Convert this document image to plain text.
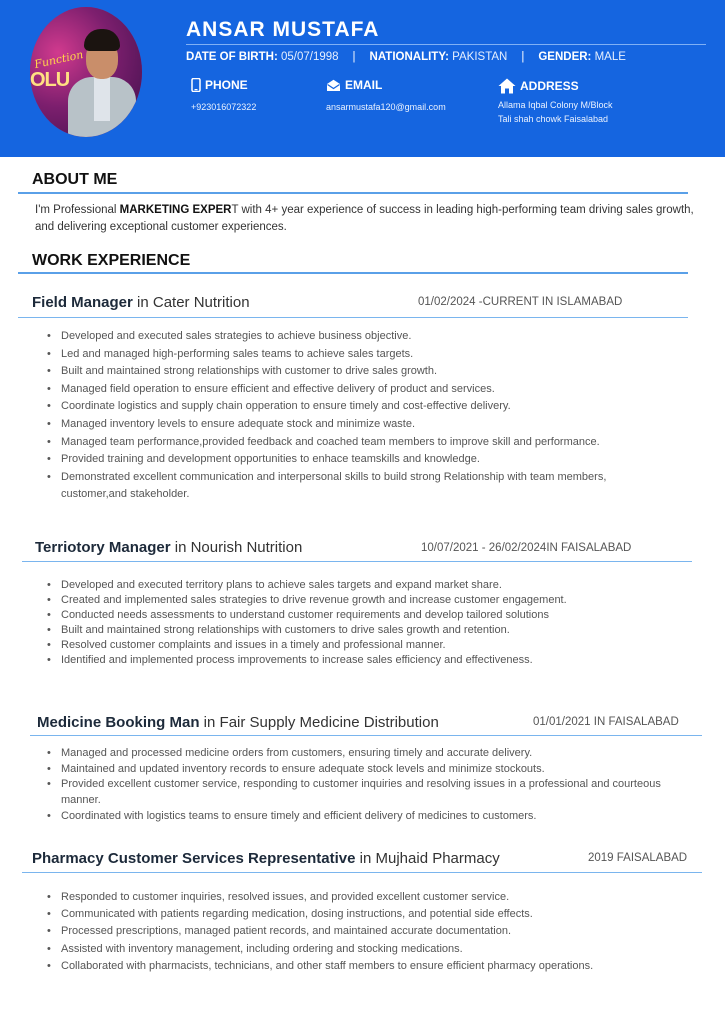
Function
OLU
ANSAR MUSTAFA
DATE OF BIRTH: 05/07/1998 | NATIONALITY: PAKISTAN | GENDER: MALE
PHONE
+923016072322
EMAIL
ansarmustafa120@gmail.com
ADDRESS
Allama Iqbal Colony M/Block
Tali shah chowk Faisalabad
ABOUT ME
I'm Professional MARKETING EXPERT with 4+ year experience of success in leading high-performing team driving sales growth, and delivering exceptional customer experiences.
WORK EXPERIENCE
Field Manager in Cater Nutrition	01/02/2024 -CURRENT IN ISLAMABAD
• Developed and executed sales strategies to achieve business objective.
• Led and managed high-performing sales teams to achieve sales targets.
• Built and maintained strong relationships with customer to drive sales growth.
• Managed field operation to ensure efficient and effective delivery of product and services.
• Coordinate logistics and supply chain opperation to ensure timely and cost-effective delivery.
• Managed inventory levels to ensure adequate stock and minimize waste.
• Managed team performance,provided feedback and coached team members to improve skill and performance.
• Provided training and development opportunities to enhace teamskills and knowledge.
• Demonstrated excellent communication and interpersonal skills to build strong Relationship with team members, customer,and stakeholder.
Terriotory Manager in Nourish Nutrition	10/07/2021 - 26/02/2024IN FAISALABAD
• Developed and executed territory plans to achieve sales targets and expand market share.
• Created and implemented sales strategies to drive revenue growth and increase customer engagement.
• Conducted needs assessments to understand customer requirements and develop tailored solutions
• Built and maintained strong relationships with customers to drive sales growth and retention.
• Resolved customer complaints and issues in a timely and professional manner.
• Identified and implemented process improvements to increase sales efficiency and effectiveness.
Medicine Booking Man in Fair Supply Medicine Distribution	01/01/2021 IN FAISALABAD
• Managed and processed medicine orders from customers, ensuring timely and accurate delivery.
• Maintained and updated inventory records to ensure adequate stock levels and minimize stockouts.
• Provided excellent customer service, responding to customer inquiries and resolving issues in a professional and courteous manner.
• Coordinated with logistics teams to ensure timely and efficient delivery of medicines to customers.
Pharmacy Customer Services Representative in Mujhaid Pharmacy	2019 FAISALABAD
• Responded to customer inquiries, resolved issues, and provided excellent customer service.
• Communicated with patients regarding medication, dosing instructions, and potential side effects.
• Processed prescriptions, managed patient records, and maintained accurate documentation.
• Assisted with inventory management, including ordering and stocking medications.
• Collaborated with pharmacists, technicians, and other staff members to ensure efficient pharmacy operations.
